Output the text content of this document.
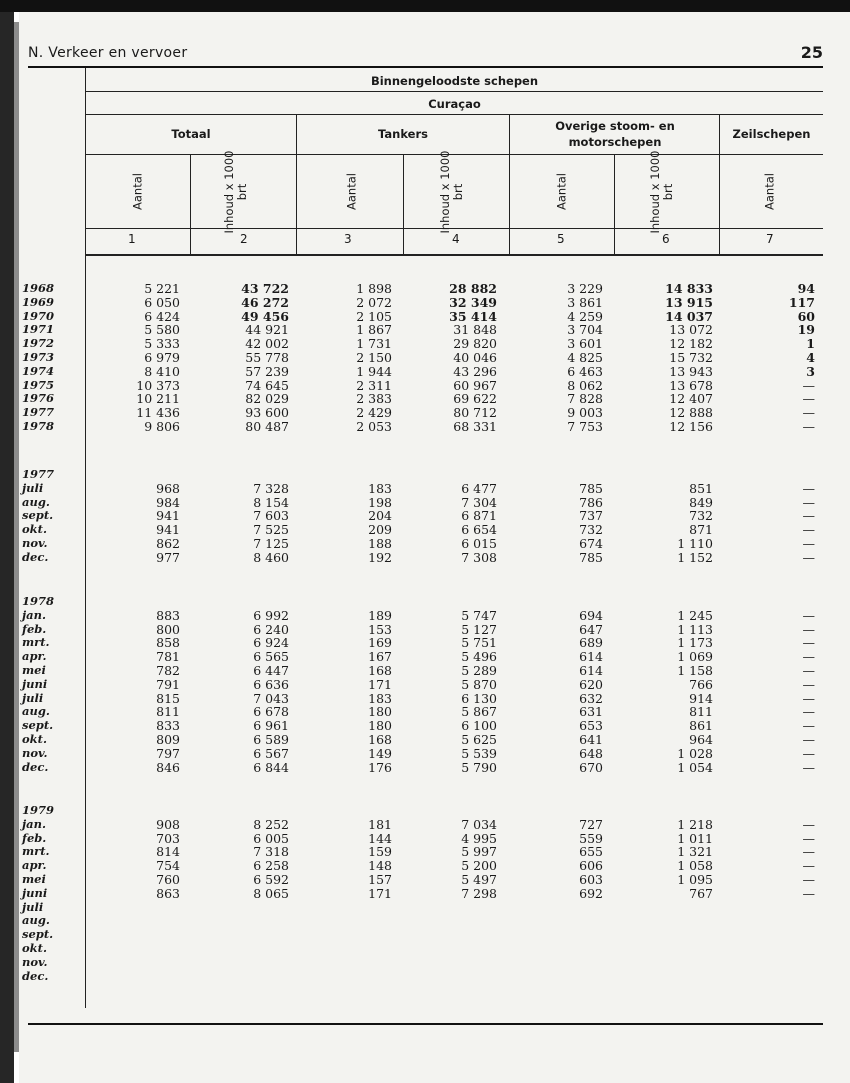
N. Verkeer en vervoer	25
Binnengeloodste schepen
Curaçao
Totaal	Tankers
Overige stoom- en motorschepen
Zeilschepen
Aantal	Inhoud x 1000 brt	Aantal	Inhoud x 1000 brt	Aantal	Inhoud x 1000 brt	Aantal
1	2	3	4	5	6	7
1968	5 221	43 722	1 898	28 882	3 229	14 833	94
1969	6 050	46 272	2 072	32 349	3 861	13 915	117
1970	6 424	49 456	2 105	35 414	4 259	14 037	60
1971	5 580	44 921	1 867	31 848	3 704	13 072	19
1972	5 333	42 002	1 731	29 820	3 601	12 182	1
1973	6 979	55 778	2 150	40 046	4 825	15 732	4
1974	8 410	57 239	1 944	43 296	6 463	13 943	3
1975	10 373	74 645	2 311	60 967	8 062	13 678	—
1976	10 211	82 029	2 383	69 622	7 828	12 407	—
1977	11 436	93 600	2 429	80 712	9 003	12 888	—
1978	9 806	80 487	2 053	68 331	7 753	12 156	—
1977
juli	968	7 328	183	6 477	785	851	—
aug.	984	8 154	198	7 304	786	849	—
sept.	941	7 603	204	6 871	737	732	—
okt.	941	7 525	209	6 654	732	871	—
nov.	862	7 125	188	6 015	674	1 110	—
dec.	977	8 460	192	7 308	785	1 152	—
1978
jan.	883	6 992	189	5 747	694	1 245	—
feb.	800	6 240	153	5 127	647	1 113	—
mrt.	858	6 924	169	5 751	689	1 173	—
apr.	781	6 565	167	5 496	614	1 069	—
mei	782	6 447	168	5 289	614	1 158	—
juni	791	6 636	171	5 870	620	766	—
juli	815	7 043	183	6 130	632	914	—
aug.	811	6 678	180	5 867	631	811	—
sept.	833	6 961	180	6 100	653	861	—
okt.	809	6 589	168	5 625	641	964	—
nov.	797	6 567	149	5 539	648	1 028	—
dec.	846	6 844	176	5 790	670	1 054	—
1979
jan.	908	8 252	181	7 034	727	1 218	—
feb.	703	6 005	144	4 995	559	1 011	—
mrt.	814	7 318	159	5 997	655	1 321	—
apr.	754	6 258	148	5 200	606	1 058	—
mei	760	6 592	157	5 497	603	1 095	—
juni	863	8 065	171	7 298	692	767	—
juli
aug.
sept.
okt.
nov.
dec.
